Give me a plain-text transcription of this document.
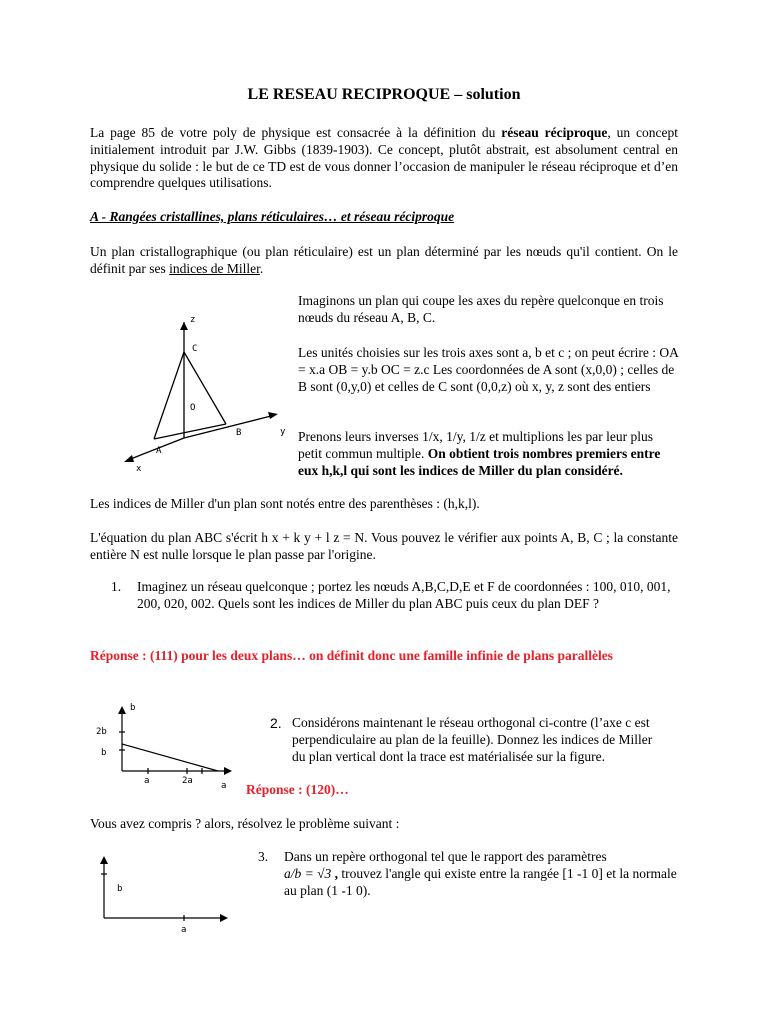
LE RESEAU RECIPROQUE – solution

La page 85 de votre poly de physique est consacrée à la définition du réseau réciproque, un concept initialement introduit par J.W. Gibbs (1839-1903). Ce concept, plutôt abstrait, est absolument central en physique du solide : le but de ce TD est de vous donner l’occasion de manipuler le réseau réciproque et d’en comprendre quelques utilisations.

A - Rangées cristallines, plans réticulaires… et réseau réciproque

Un plan cristallographique (ou plan réticulaire) est un plan déterminé par les nœuds qu'il contient. On le définit par ses indices de Miller.

z
y
x
C
O
B
A

Imaginons un plan qui coupe les axes du repère quelconque en trois nœuds du réseau A, B, C.

Les unités choisies sur les trois axes sont a, b et c ; on peut écrire : OA = x.a OB = y.b OC = z.c Les coordonnées de A sont (x,0,0) ; celles de B sont (0,y,0) et celles de C sont (0,0,z) où x, y, z sont des entiers

Prenons leurs inverses 1/x, 1/y, 1/z et multiplions les par leur plus petit commun multiple. On obtient trois nombres premiers entre eux h,k,l qui sont les indices de Miller du plan considéré.

Les indices de Miller d'un plan sont notés entre des parenthèses : (h,k,l).

L'équation du plan ABC s'écrit h x + k y + l z = N. Vous pouvez le vérifier aux points A, B, C ; la constante entière N est nulle lorsque le plan passe par l'origine.

1.	Imaginez un réseau quelconque ; portez les nœuds A,B,C,D,E et F de coordonnées : 100, 010, 001, 200, 020, 002. Quels sont les indices de Miller du plan ABC puis ceux du plan DEF ?

Réponse : (111) pour les deux plans… on définit donc une famille infinie de plans parallèles

b
2b
b
a	2a	a
2. Considérons maintenant le réseau orthogonal ci-contre (l’axe c est perpendiculaire au plan de la feuille). Donnez les indices de Miller du plan vertical dont la trace est matérialisée sur la figure.

Réponse : (120)…

Vous avez compris ? alors, résolvez le problème suivant :

b
a
3.	Dans un repère orthogonal tel que le rapport des paramètres
a/b = √3 , trouvez l'angle qui existe entre la rangée [1 -1 0] et la normale au plan (1 -1 0).
